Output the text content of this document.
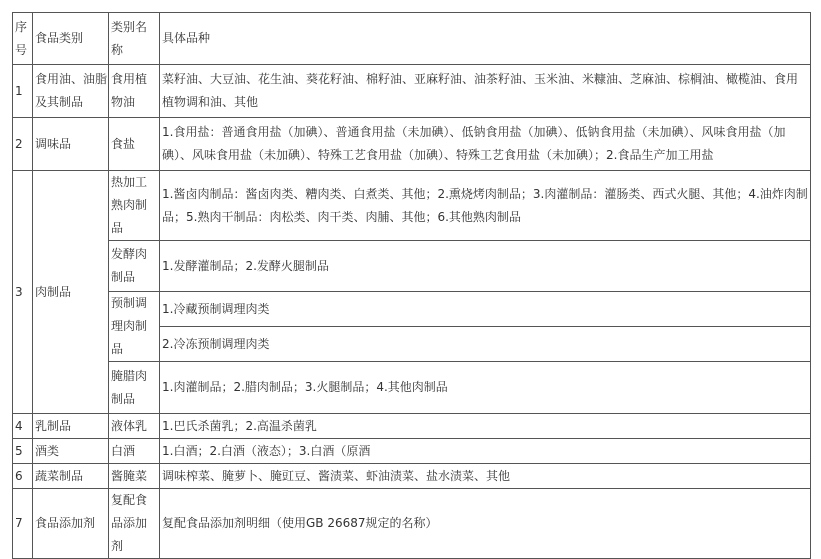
序号	食品类别	类别名称	具体品种
1	食用油、油脂及其制品	食用植物油	菜籽油、大豆油、花生油、葵花籽油、棉籽油、亚麻籽油、油茶籽油、玉米油、米糠油、芝麻油、棕榈油、橄榄油、食用植物调和油、其他
2	调味品	食盐	1.食用盐：普通食用盐（加碘）、普通食用盐（未加碘）、低钠食用盐（加碘）、低钠食用盐（未加碘）、风味食用盐（加碘）、风味食用盐（未加碘）、特殊工艺食用盐（加碘）、特殊工艺食用盐（未加碘）；2.食品生产加工用盐
3	肉制品	热加工熟肉制品	1.酱卤肉制品：酱卤肉类、糟肉类、白煮类、其他；2.熏烧烤肉制品；3.肉灌制品：灌肠类、西式火腿、其他；4.油炸肉制品；5.熟肉干制品：肉松类、肉干类、肉脯、其他；6.其他熟肉制品
		发酵肉制品	1.发酵灌制品；2.发酵火腿制品
		预制调理肉制品	1.冷藏预制调理肉类
			2.冷冻预制调理肉类
		腌腊肉制品	1.肉灌制品；2.腊肉制品；3.火腿制品；4.其他肉制品
4	乳制品	液体乳	1.巴氏杀菌乳；2.高温杀菌乳
5	酒类	白酒	1.白酒；2.白酒（液态）；3.白酒（原酒
6	蔬菜制品	酱腌菜	调味榨菜、腌萝卜、腌豇豆、酱渍菜、虾油渍菜、盐水渍菜、其他
7	食品添加剂	复配食品添加剂	复配食品添加剂明细（使用GB 26687规定的名称）
